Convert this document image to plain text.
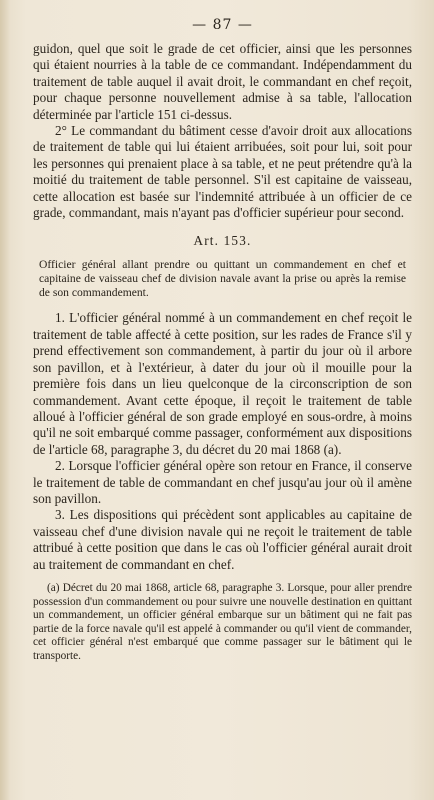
— 87 —

guidon, quel que soit le grade de cet officier, ainsi que les personnes qui étaient nourries à la table de ce commandant. Indépendamment du traitement de table auquel il avait droit, le commandant en chef reçoit, pour chaque personne nouvellement admise à sa table, l'allocation déterminée par l'article 151 ci-dessus.

2° Le commandant du bâtiment cesse d'avoir droit aux allocations de traitement de table qui lui étaient arribuées, soit pour lui, soit pour les personnes qui prenaient place à sa table, et ne peut prétendre qu'à la moitié du traitement de table personnel. S'il est capitaine de vaisseau, cette allocation est basée sur l'indemnité attribuée à un officier de ce grade, commandant, mais n'ayant pas d'officier supérieur pour second.

Art. 153.

Officier général allant prendre ou quittant un commandement en chef et capitaine de vaisseau chef de division navale avant la prise ou après la remise de son commandement.

1. L'officier général nommé à un commandement en chef reçoit le traitement de table affecté à cette position, sur les rades de France s'il y prend effectivement son commandement, à partir du jour où il arbore son pavillon, et à l'extérieur, à dater du jour où il mouille pour la première fois dans un lieu quelconque de la circonscription de son commandement. Avant cette époque, il reçoit le traitement de table alloué à l'officier général de son grade employé en sous-ordre, à moins qu'il ne soit embarqué comme passager, conformément aux dispositions de l'article 68, paragraphe 3, du décret du 20 mai 1868 (a).

2. Lorsque l'officier général opère son retour en France, il conserve le traitement de table de commandant en chef jusqu'au jour où il amène son pavillon.

3. Les dispositions qui précèdent sont applicables au capitaine de vaisseau chef d'une division navale qui ne reçoit le traitement de table attribué à cette position que dans le cas où l'officier général aurait droit au traitement de commandant en chef.

(a) Décret du 20 mai 1868, article 68, paragraphe 3. Lorsque, pour aller prendre possession d'un commandement ou pour suivre une nouvelle destination en quittant un commandement, un officier général embarque sur un bâtiment qui ne fait pas partie de la force navale qu'il est appelé à commander ou qu'il vient de commander, cet officier général n'est embarqué que comme passager sur le bâtiment qui le transporte.
